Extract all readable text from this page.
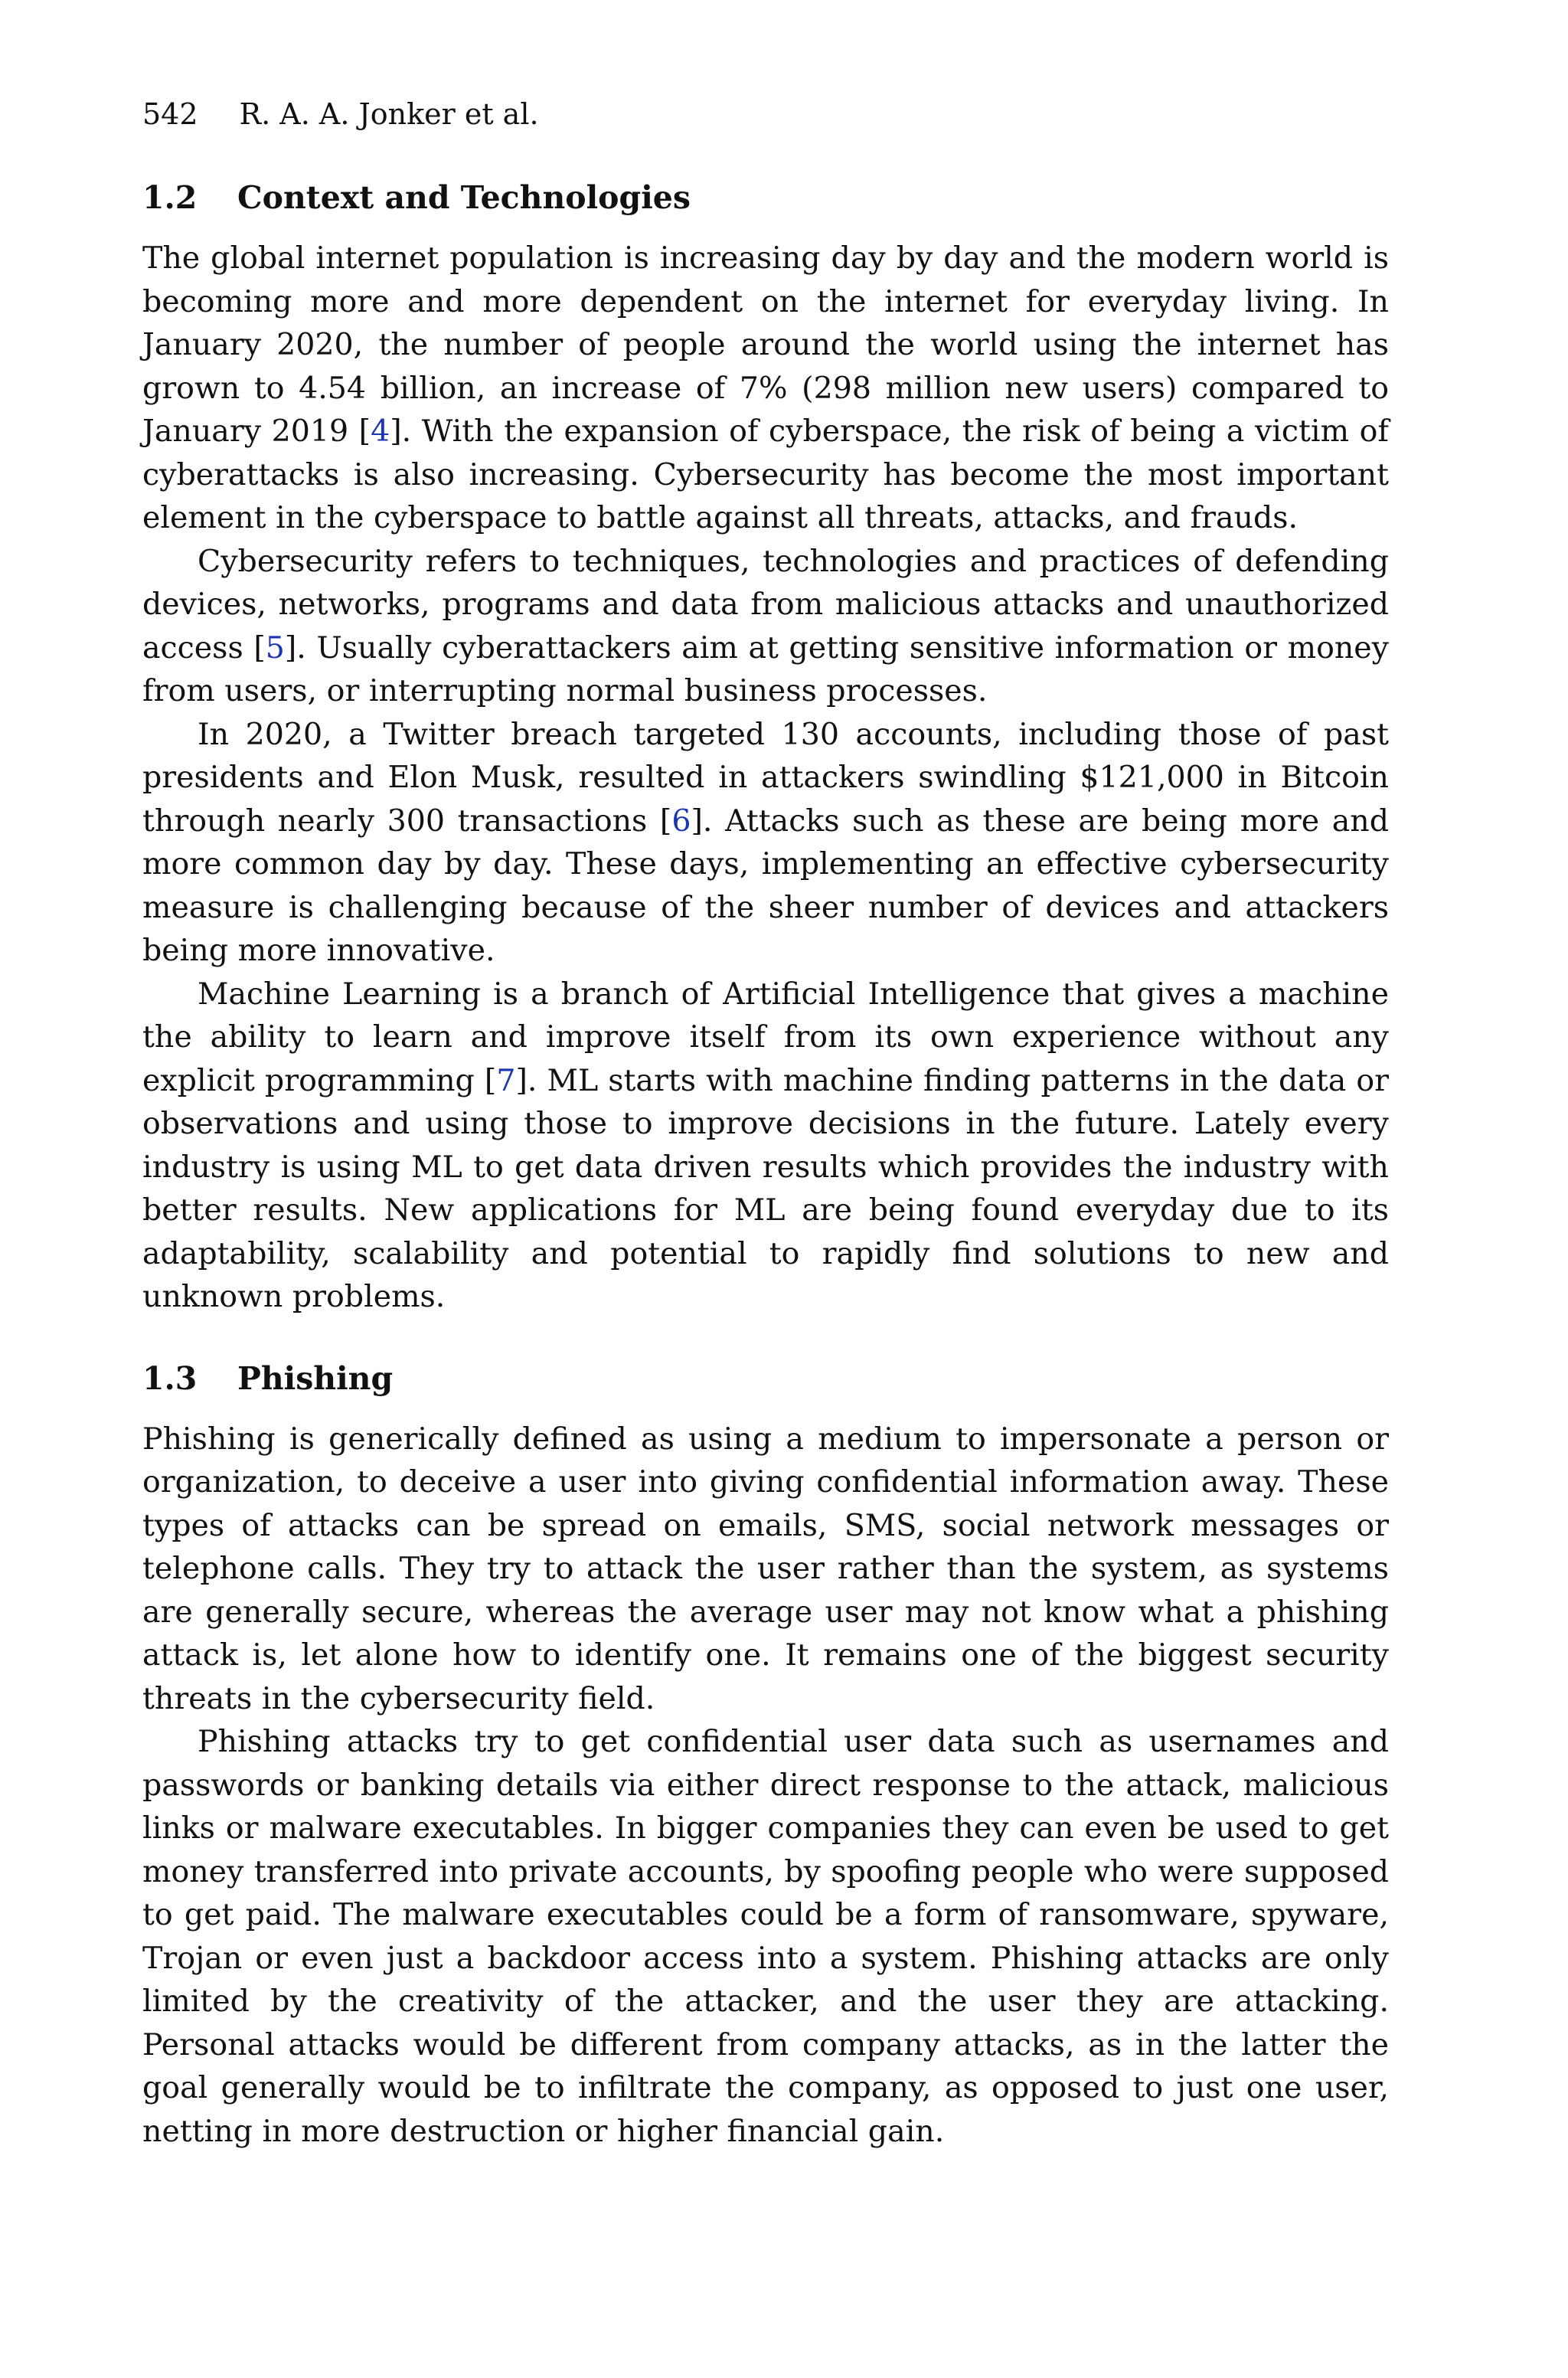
542 R. A. A. Jonker et al.
1.2 Context and Technologies

The global internet population is increasing day by day and the modern world is becoming more and more dependent on the internet for everyday living. In January 2020, the number of people around the world using the internet has grown to 4.54 billion, an increase of 7% (298 million new users) compared to January 2019 [4]. With the expansion of cyberspace, the risk of being a victim of cyberattacks is also increasing. Cybersecurity has become the most important element in the cyberspace to battle against all threats, attacks, and frauds.

Cybersecurity refers to techniques, technologies and practices of defending devices, networks, programs and data from malicious attacks and unauthorized access [5]. Usually cyberattackers aim at getting sensitive information or money from users, or interrupting normal business processes.

In 2020, a Twitter breach targeted 130 accounts, including those of past presidents and Elon Musk, resulted in attackers swindling $121,000 in Bitcoin through nearly 300 transactions [6]. Attacks such as these are being more and more common day by day. These days, implementing an effective cybersecurity measure is challenging because of the sheer number of devices and attackers being more innovative.

Machine Learning is a branch of Artificial Intelligence that gives a machine the ability to learn and improve itself from its own experience without any explicit programming [7]. ML starts with machine finding patterns in the data or observations and using those to improve decisions in the future. Lately every industry is using ML to get data driven results which provides the industry with better results. New applications for ML are being found everyday due to its adaptability, scalability and potential to rapidly find solutions to new and unknown problems.

1.3 Phishing

Phishing is generically defined as using a medium to impersonate a person or organization, to deceive a user into giving confidential information away. These types of attacks can be spread on emails, SMS, social network messages or telephone calls. They try to attack the user rather than the system, as systems are generally secure, whereas the average user may not know what a phishing attack is, let alone how to identify one. It remains one of the biggest security threats in the cybersecurity field.

Phishing attacks try to get confidential user data such as usernames and passwords or banking details via either direct response to the attack, malicious links or malware executables. In bigger companies they can even be used to get money transferred into private accounts, by spoofing people who were supposed to get paid. The malware executables could be a form of ransomware, spyware, Trojan or even just a backdoor access into a system. Phishing attacks are only limited by the creativity of the attacker, and the user they are attacking. Personal attacks would be different from company attacks, as in the latter the goal generally would be to infiltrate the company, as opposed to just one user, netting in more destruction or higher financial gain.
